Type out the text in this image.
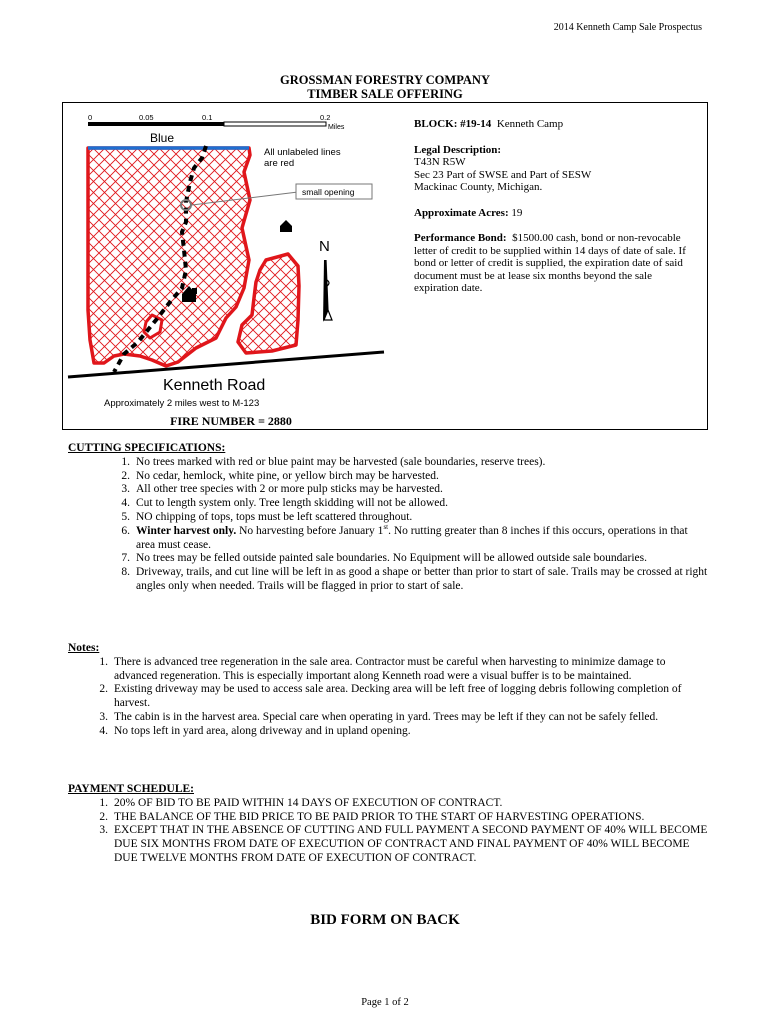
2014 Kenneth Camp Sale Prospectus
GROSSMAN FORESTRY COMPANY
TIMBER SALE OFFERING
0	0.05	0.1	0.2
Miles
Blue
small opening
All unlabeled lines
are red
N
Kenneth Road
Approximately 2 miles west to M-123
FIRE NUMBER = 2880

BLOCK: #19-14 Kenneth Camp

Legal Description:
T43N R5W
Sec 23 Part of SWSE and Part of SESW
Mackinac County, Michigan.

Approximate Acres: 19

Performance Bond: $1500.00 cash, bond or non-revocable letter of credit to be supplied within 14 days of date of sale. If bond or letter of credit is supplied, the expiration date of said document must be at lease six months beyond the sale expiration date.

CUTTING SPECIFICATIONS:
1. No trees marked with red or blue paint may be harvested (sale boundaries, reserve trees).
2. No cedar, hemlock, white pine, or yellow birch may be harvested.
3. All other tree species with 2 or more pulp sticks may be harvested.
4. Cut to length system only. Tree length skidding will not be allowed.
5. NO chipping of tops, tops must be left scattered throughout.
6. Winter harvest only. No harvesting before January 1st. No rutting greater than 8 inches if this occurs, operations in that area must cease.
7. No trees may be felled outside painted sale boundaries. No Equipment will be allowed outside sale boundaries.
8. Driveway, trails, and cut line will be left in as good a shape or better than prior to start of sale. Trails may be crossed at right angles only when needed. Trails will be flagged in prior to start of sale.
Notes:
1. There is advanced tree regeneration in the sale area. Contractor must be careful when harvesting to minimize damage to advanced regeneration. This is especially important along Kenneth road were a visual buffer is to be maintained.
2. Existing driveway may be used to access sale area. Decking area will be left free of logging debris following completion of harvest.
3. The cabin is in the harvest area. Special care when operating in yard. Trees may be left if they can not be safely felled.
4. No tops left in yard area, along driveway and in upland opening.
PAYMENT SCHEDULE:
1. 20% OF BID TO BE PAID WITHIN 14 DAYS OF EXECUTION OF CONTRACT.
2. THE BALANCE OF THE BID PRICE TO BE PAID PRIOR TO THE START OF HARVESTING OPERATIONS.
3. EXCEPT THAT IN THE ABSENCE OF CUTTING AND FULL PAYMENT A SECOND PAYMENT OF 40% WILL BECOME DUE SIX MONTHS FROM DATE OF EXECUTION OF CONTRACT AND FINAL PAYMENT OF 40% WILL BECOME DUE TWELVE MONTHS FROM DATE OF EXECUTION OF CONTRACT.
BID FORM ON BACK
Page 1 of 2
